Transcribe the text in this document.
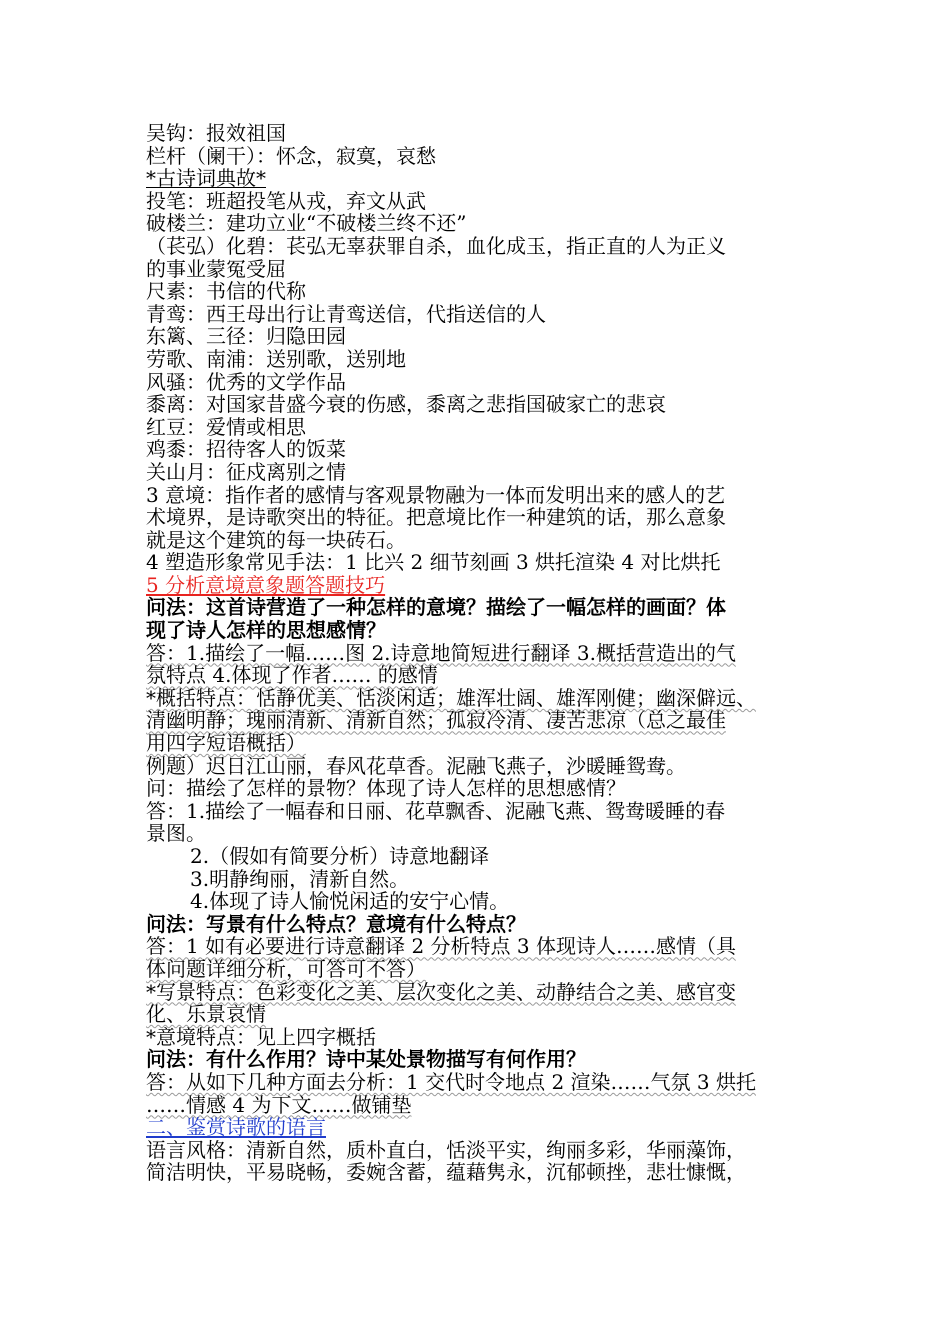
吴钩：报效祖国
栏杆（阑干）：怀念，寂寞，哀愁
*古诗词典故*
投笔：班超投笔从戎，弃文从武
破楼兰：建功立业“不破楼兰终不还”
（苌弘）化碧：苌弘无辜获罪自杀，血化成玉，指正直的人为正义
的事业蒙冤受屈
尺素：书信的代称
青鸾：西王母出行让青鸾送信，代指送信的人
东篱、三径：归隐田园
劳歌、南浦：送别歌，送别地
风骚：优秀的文学作品
黍离：对国家昔盛今衰的伤感，黍离之悲指国破家亡的悲哀
红豆：爱情或相思
鸡黍：招待客人的饭菜
关山月：征戍离别之情
3 意境：指作者的感情与客观景物融为一体而发明出来的感人的艺
术境界，是诗歌突出的特征。把意境比作一种建筑的话，那么意象
就是这个建筑的每一块砖石。
4 塑造形象常见手法：1 比兴 2 细节刻画 3 烘托渲染 4 对比烘托
5 分析意境意象题答题技巧
问法：这首诗营造了一种怎样的意境？描绘了一幅怎样的画面？体
现了诗人怎样的思想感情？
答：1.描绘了一幅……图 2.诗意地简短进行翻译 3.概括营造出的气
氛特点 4.体现了作者…… 的感情
*概括特点：恬静优美、恬淡闲适；雄浑壮阔、雄浑刚健；幽深僻远、
清幽明静；瑰丽清新、清新自然；孤寂冷清、凄苦悲凉（总之最佳
用四字短语概括）
例题）迟日江山丽，春风花草香。泥融飞燕子，沙暖睡鸳鸯。
问：描绘了怎样的景物？体现了诗人怎样的思想感情？
答：1.描绘了一幅春和日丽、花草飘香、泥融飞燕、鸳鸯暖睡的春
景图。
2.（假如有简要分析）诗意地翻译
3.明静绚丽，清新自然。
4.体现了诗人愉悦闲适的安宁心情。
问法：写景有什么特点？意境有什么特点？
答：1 如有必要进行诗意翻译 2 分析特点 3 体现诗人……感情（具
体问题详细分析，可答可不答）
*写景特点：色彩变化之美、层次变化之美、动静结合之美、感官变
化、乐景哀情
*意境特点：见上四字概括
问法：有什么作用？诗中某处景物描写有何作用？
答：从如下几种方面去分析：1 交代时令地点 2 渲染……气氛 3 烘托
……情感 4 为下文……做铺垫
二、鉴赏诗歌的语言
语言风格：清新自然，质朴直白，恬淡平实，绚丽多彩，华丽藻饰，
简洁明快，平易晓畅，委婉含蓄，蕴藉隽永，沉郁顿挫，悲壮慷慨，
